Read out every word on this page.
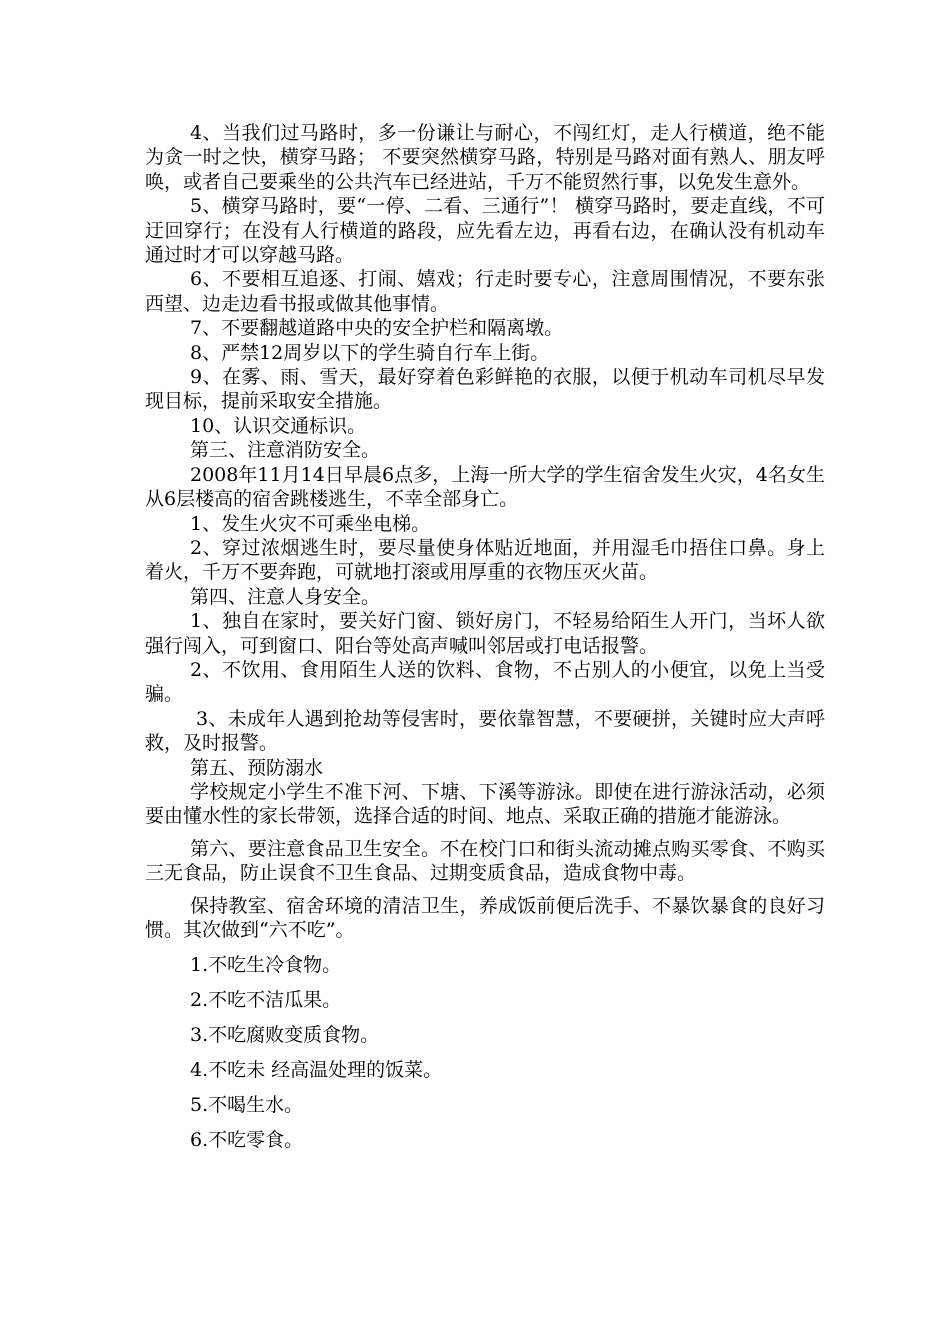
4、当我们过马路时，多一份谦让与耐心，不闯红灯，走人行横道，绝不能为贪一时之快，横穿马路； 不要突然横穿马路，特别是马路对面有熟人、朋友呼唤，或者自己要乘坐的公共汽车已经进站，千万不能贸然行事，以免发生意外。

5、横穿马路时，要“一停、二看、三通行”！ 横穿马路时，要走直线，不可迂回穿行；在没有人行横道的路段，应先看左边，再看右边，在确认没有机动车通过时才可以穿越马路。

6、不要相互追逐、打闹、嬉戏；行走时要专心，注意周围情况，不要东张西望、边走边看书报或做其他事情。

7、不要翻越道路中央的安全护栏和隔离墩。

8、严禁12周岁以下的学生骑自行车上街。

9、在雾、雨、雪天，最好穿着色彩鲜艳的衣服，以便于机动车司机尽早发现目标，提前采取安全措施。

10、认识交通标识。

第三、注意消防安全。

2008年11月14日早晨6点多，上海一所大学的学生宿舍发生火灾，4名女生从6层楼高的宿舍跳楼逃生，不幸全部身亡。

1、发生火灾不可乘坐电梯。

2、穿过浓烟逃生时，要尽量使身体贴近地面，并用湿毛巾捂住口鼻。身上着火，千万不要奔跑，可就地打滚或用厚重的衣物压灭火苗。

第四、注意人身安全。

1、独自在家时，要关好门窗、锁好房门，不轻易给陌生人开门，当坏人欲强行闯入，可到窗口、阳台等处高声喊叫邻居或打电话报警。

2、不饮用、食用陌生人送的饮料、食物，不占别人的小便宜，以免上当受骗。

3、未成年人遇到抢劫等侵害时，要依靠智慧，不要硬拼，关键时应大声呼救，及时报警。

第五、预防溺水

学校规定小学生不准下河、下塘、下溪等游泳。即使在进行游泳活动，必须要由懂水性的家长带领，选择合适的时间、地点、采取正确的措施才能游泳。

第六、要注意食品卫生安全。不在校门口和街头流动摊点购买零食、不购买三无食品，防止误食不卫生食品、过期变质食品，造成食物中毒。

保持教室、宿舍环境的清洁卫生，养成饭前便后洗手、不暴饮暴食的良好习惯。其次做到“六不吃”。

1.不吃生冷食物。

2.不吃不洁瓜果。

3.不吃腐败变质食物。

4.不吃未 经高温处理的饭菜。

5.不喝生水。

6.不吃零食。
